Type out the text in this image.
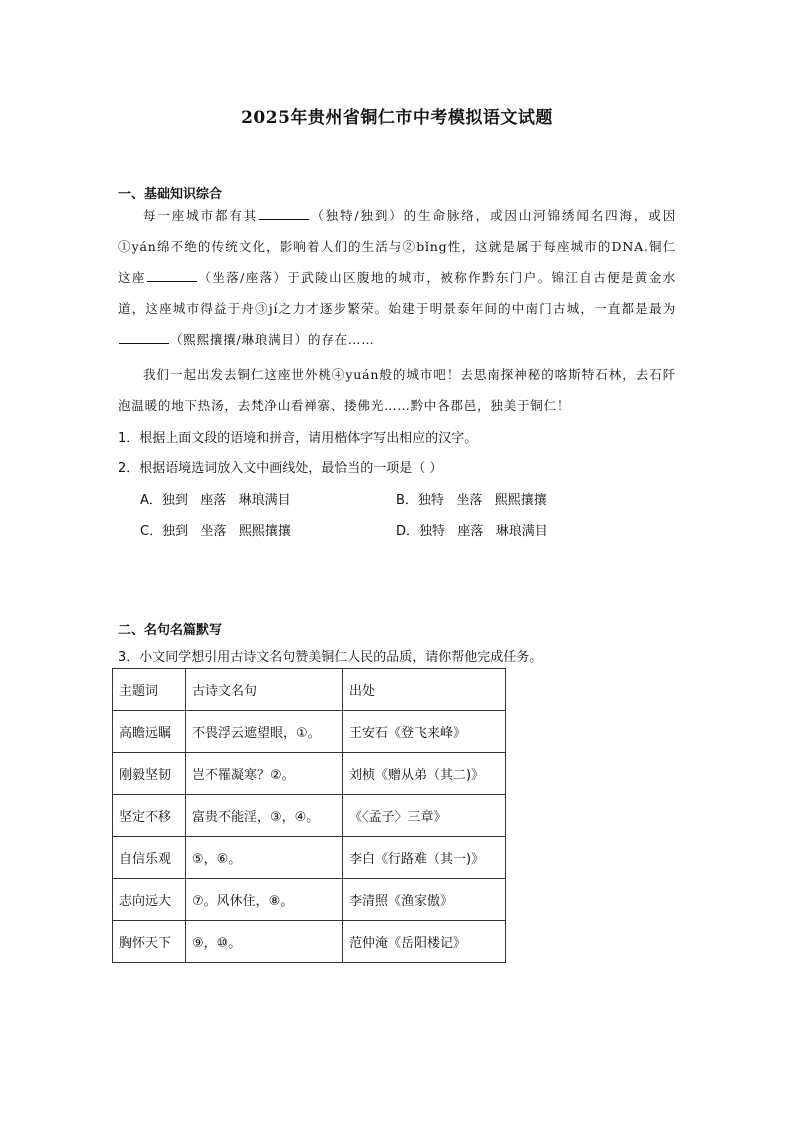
2025年贵州省铜仁市中考模拟语文试题
一、基础知识综合

每一座城市都有其	（独特/独到）的生命脉络，或因山河锦绣闻名四海，或因①yán绵不绝的传统文化，影响着人们的生活与②bǐng性，这就是属于每座城市的DNA.铜仁这座	（坐落/座落）于武陵山区腹地的城市，被称作黔东门户。锦江自古便是黄金水道，这座城市得益于舟③jí之力才逐步繁荣。始建于明景泰年间的中南门古城，一直都是最为（熙熙攘攘/琳琅满目）的存在……

我们一起出发去铜仁这座世外桃④yuán般的城市吧！去思南探神秘的喀斯特石林，去石阡泡温暖的地下热汤，去梵净山看禅寨、搂佛光……黔中各郡邑，独美于铜仁！

1．根据上面文段的语境和拼音，请用楷体字写出相应的汉字。
2．根据语境选词放入文中画线处，最恰当的一项是（ ）
A．独到   座落   琳琅满目	B．独特   坐落   熙熙攘攘
C．独到   坐落   熙熙攘攘	D．独特   座落   琳琅满目
二、名句名篇默写
3．小文同学想引用古诗文名句赞美铜仁人民的品质，请你帮他完成任务。
主题词	古诗文名句	出处
高瞻远瞩	不畏浮云遮望眼，①。	王安石《登飞来峰》
刚毅坚韧	岂不罹凝寒？②。	刘桢《赠从弟（其二)》
坚定不移	富贵不能淫，③，④。	《〈孟子〉三章》
自信乐观	⑤，⑥。	李白《行路难（其一)》
志向远大	⑦。风休住，⑧。	李清照《渔家傲》
胸怀天下	⑨，⑩。	范仲淹《岳阳楼记》
